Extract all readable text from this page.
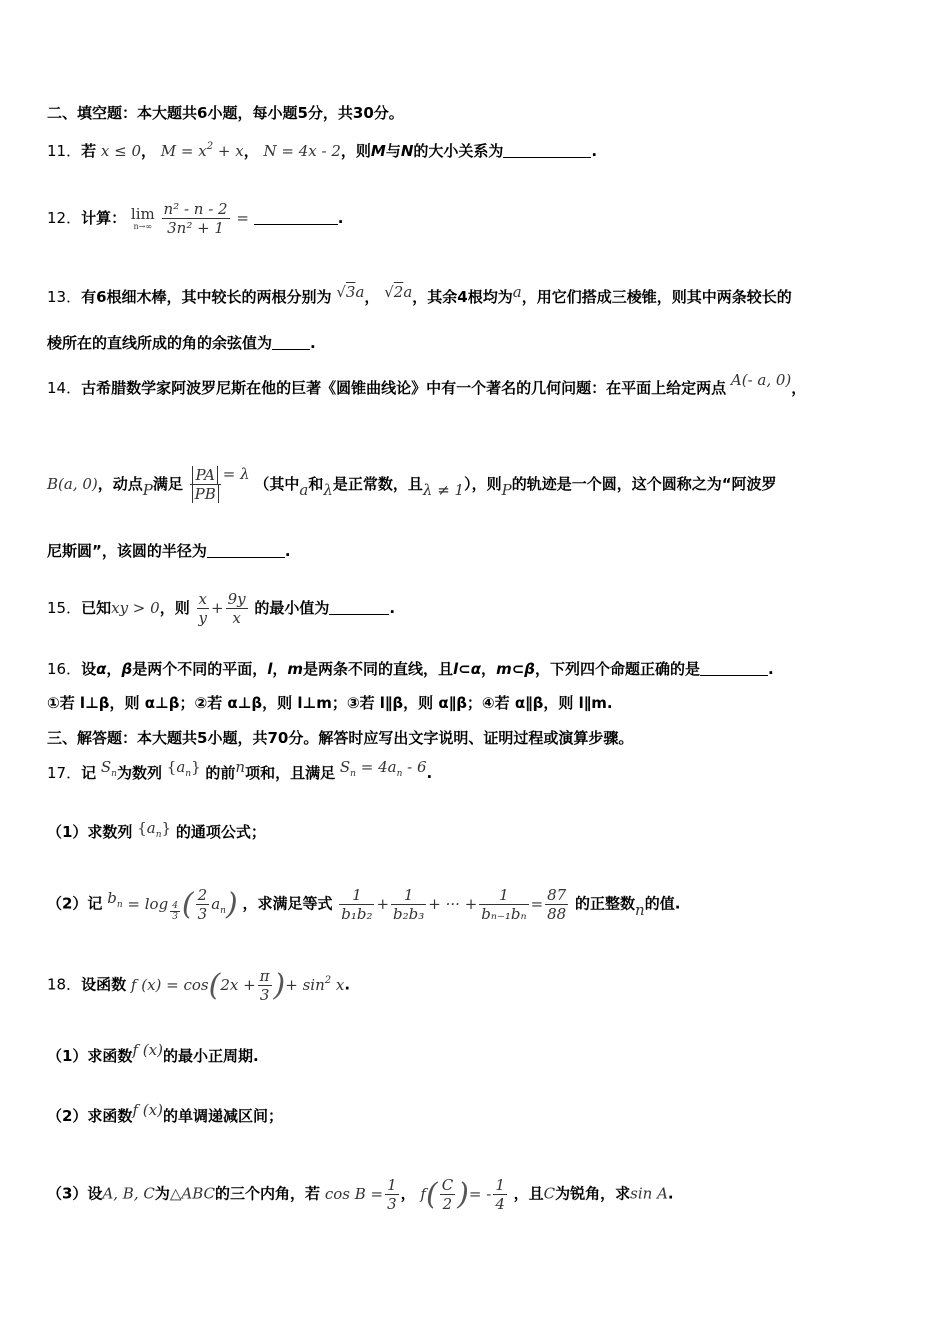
二、填空题：本大题共6小题，每小题5分，共30分。
11．若 x ≤ 0， $M = x^2 + x$， N = 4x - 2，则M与N的大小关系为	.
12．计算： lim
n→∞
$\frac{\text{n² - n - 2}}{\text{3n² + 1}}$ =	.
13．有6根细木棒，其中较长的两根分别为 √3a， √2a，其余4根均为a，用它们搭成三棱锥，则其中两条较长的
棱所在的直线所成的角的余弦值为	.
14．古希腊数学家阿波罗尼斯在他的巨著《圆锥曲线论》中有一个著名的几何问题：在平面上给定两点 A(- a, 0)，
B(a, 0)，动点P满足 $\frac{PA}{PB} = \lambda$ （其中a和λ是正常数，且λ ≠ 1），则P的轨迹是一个圆，这个圆称之为“阿波罗
尼斯圆”，该圆的半径为	.
15．已知xy > 0，则 $\frac{x}{y} + \frac{9y}{x}$ 的最小值为	.
16．设α，β是两个不同的平面，l，m是两条不同的直线，且l⊂α，m⊂β，下列四个命题正确的是	.
①若 l⊥β，则 α⊥β；②若 α⊥β，则 l⊥m；③若 l∥β，则 α∥β；④若 α∥β，则 l∥m.
三、解答题：本大题共5小题，共70分。解答时应写出文字说明、证明过程或演算步骤。
17．记 $S_n$为数列 $\{a_n\}$ 的前n项和，且满足 $S_n = 4a_n - 6$.
（1）求数列 $\{a_n\}$ 的通项公式；
（2）记 $b_n = \log \frac{4}{3}$ ( $\frac{2}{3} a_n$) ，求满足等式 $\frac{1}{\text{b₁b₂}} + \frac{1}{\text{b₂b₃}}$ + ··· + $\frac{1}{\text{bₙ₋₁bₙ}} = \frac{87}{88}$ 的正整数n的值.
18．设函数 f $(x) = \cos(2x + \frac{\pi}{3}$ )+ $\sin^2 x$.
（1）求函数f (x)的最小正周期.
（2）求函数f (x)的单调递减区间；
（3）设A, B, C为△ABC的三个内角，若 $\cos B = \frac{1}{3}$ ， $f( \frac{C}{2}$ )= - $\frac{1}{4}$ ，且C为锐角，求sin A.
